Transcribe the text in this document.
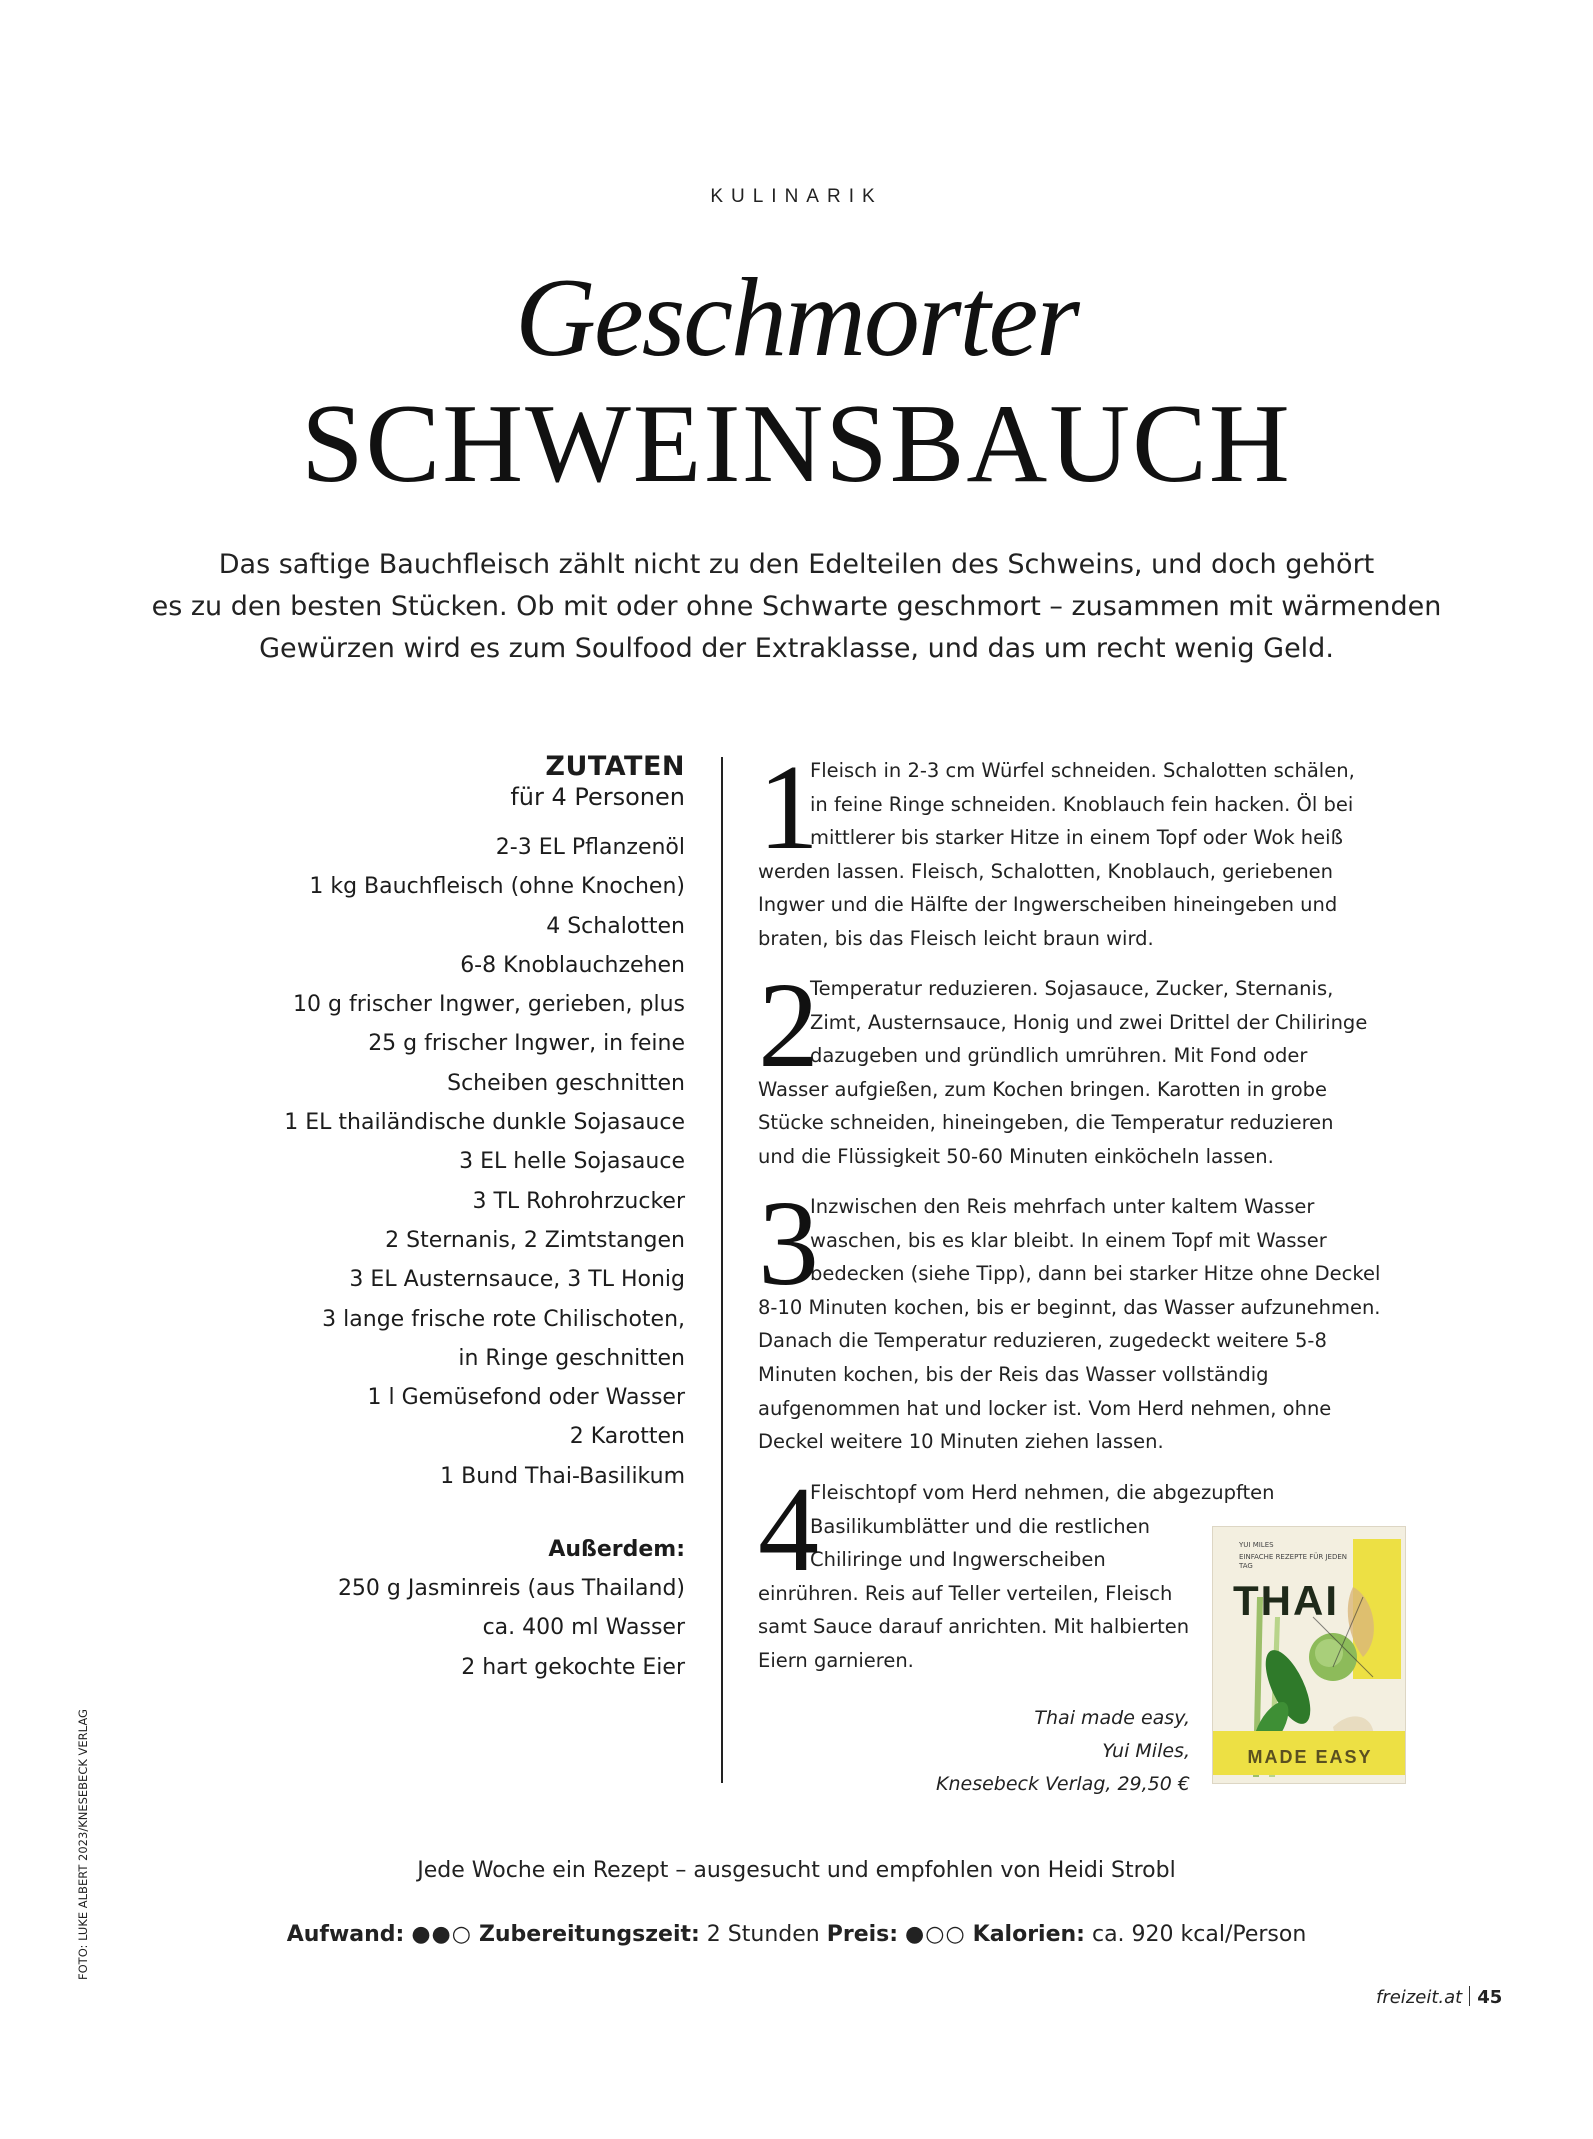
KULINARIK
Geschmorter
SCHWEINSBAUCH
Das saftige Bauchfleisch zählt nicht zu den Edelteilen des Schweins, und doch gehört
es zu den besten Stücken. Ob mit oder ohne Schwarte geschmort – zusammen mit wärmenden
Gewürzen wird es zum Soulfood der Extraklasse, und das um recht wenig Geld.
ZUTATEN
für 4 Personen
2-3 EL Pflanzenöl
1 kg Bauchfleisch (ohne Knochen)
4 Schalotten
6-8 Knoblauchzehen
10 g frischer Ingwer, gerieben, plus
25 g frischer Ingwer, in feine
Scheiben geschnitten
1 EL thailändische dunkle Sojasauce
3 EL helle Sojasauce
3 TL Rohrohrzucker
2 Sternanis, 2 Zimtstangen
3 EL Austernsauce, 3 TL Honig
3 lange frische rote Chilischoten,
in Ringe geschnitten
1 l Gemüsefond oder Wasser
2 Karotten
1 Bund Thai-Basilikum
Außerdem:
250 g Jasminreis (aus Thailand)
ca. 400 ml Wasser
2 hart gekochte Eier
1
Fleisch in 2-3 cm Würfel schneiden. Schalotten schälen,
in feine Ringe schneiden. Knoblauch fein hacken. Öl bei
mittlerer bis starker Hitze in einem Topf oder Wok heiß
werden lassen. Fleisch, Schalotten, Knoblauch, geriebenen
Ingwer und die Hälfte der Ingwerscheiben hineingeben und
braten, bis das Fleisch leicht braun wird.
2
Temperatur reduzieren. Sojasauce, Zucker, Sternanis,
Zimt, Austernsauce, Honig und zwei Drittel der Chiliringe
dazugeben und gründlich umrühren. Mit Fond oder
Wasser aufgießen, zum Kochen bringen. Karotten in grobe
Stücke schneiden, hineingeben, die Temperatur reduzieren
und die Flüssigkeit 50-60 Minuten einköcheln lassen.
3
Inzwischen den Reis mehrfach unter kaltem Wasser
waschen, bis es klar bleibt. In einem Topf mit Wasser
bedecken (siehe Tipp), dann bei starker Hitze ohne Deckel
8-10 Minuten kochen, bis er beginnt, das Wasser aufzunehmen.
Danach die Temperatur reduzieren, zugedeckt weitere 5-8
Minuten kochen, bis der Reis das Wasser vollständig
aufgenommen hat und locker ist. Vom Herd nehmen, ohne
Deckel weitere 10 Minuten ziehen lassen.
4
Fleischtopf vom Herd nehmen, die abgezupften
Basilikumblätter und die restlichen
Chiliringe und Ingwerscheiben
einrühren. Reis auf Teller verteilen, Fleisch
samt Sauce darauf anrichten. Mit halbierten
Eiern garnieren.
Thai made easy,
Yui Miles,
Knesebeck Verlag, 29,50 €
YUI MILES
EINFACHE REZEPTE FÜR JEDEN TAG
THAI
MADE EASY
Jede Woche ein Rezept – ausgesucht und empfohlen von Heidi Strobl
Aufwand: ●●○ Zubereitungszeit: 2 Stunden Preis: ●○○ Kalorien: ca. 920 kcal/Person
FOTO: LUKE ALBERT 2023/KNESEBECK VERLAG
freizeit.at 45
